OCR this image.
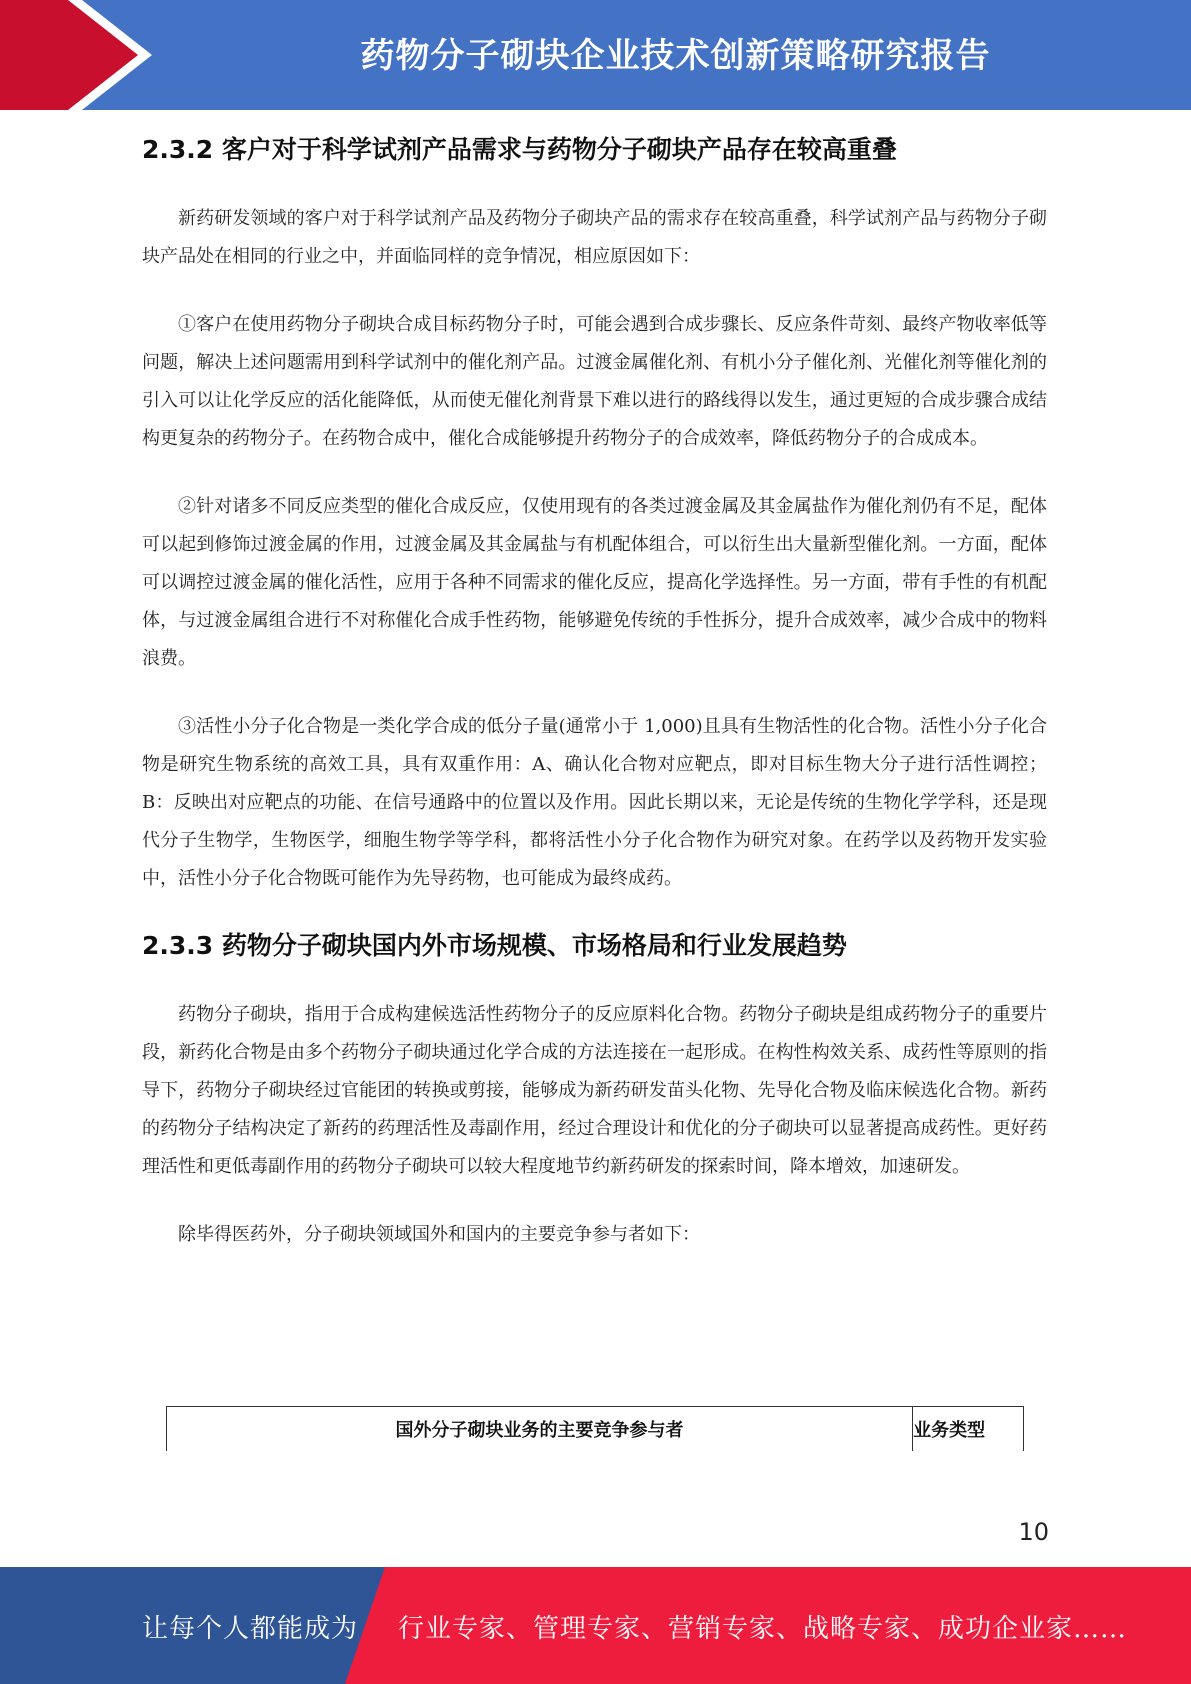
药物分子砌块企业技术创新策略研究报告
2.3.2 客户对于科学试剂产品需求与药物分子砌块产品存在较高重叠

新药研发领域的客户对于科学试剂产品及药物分子砌块产品的需求存在较高重叠，科学试剂产品与药物分子砌块产品处在相同的行业之中，并面临同样的竞争情况，相应原因如下：

①客户在使用药物分子砌块合成目标药物分子时，可能会遇到合成步骤长、反应条件苛刻、最终产物收率低等问题，解决上述问题需用到科学试剂中的催化剂产品。过渡金属催化剂、有机小分子催化剂、光催化剂等催化剂的引入可以让化学反应的活化能降低，从而使无催化剂背景下难以进行的路线得以发生，通过更短的合成步骤合成结构更复杂的药物分子。在药物合成中，催化合成能够提升药物分子的合成效率，降低药物分子的合成成本。

②针对诸多不同反应类型的催化合成反应，仅使用现有的各类过渡金属及其金属盐作为催化剂仍有不足，配体可以起到修饰过渡金属的作用，过渡金属及其金属盐与有机配体组合，可以衍生出大量新型催化剂。一方面，配体可以调控过渡金属的催化活性，应用于各种不同需求的催化反应，提高化学选择性。另一方面，带有手性的有机配体，与过渡金属组合进行不对称催化合成手性药物，能够避免传统的手性拆分，提升合成效率，减少合成中的物料浪费。

③活性小分子化合物是一类化学合成的低分子量(通常小于 1,000)且具有生物活性的化合物。活性小分子化合物是研究生物系统的高效工具，具有双重作用：A、确认化合物对应靶点，即对目标生物大分子进行活性调控；B：反映出对应靶点的功能、在信号通路中的位置以及作用。因此长期以来，无论是传统的生物化学学科，还是现代分子生物学，生物医学，细胞生物学等学科，都将活性小分子化合物作为研究对象。在药学以及药物开发实验中，活性小分子化合物既可能作为先导药物，也可能成为最终成药。

2.3.3 药物分子砌块国内外市场规模、市场格局和行业发展趋势

药物分子砌块，指用于合成构建候选活性药物分子的反应原料化合物。药物分子砌块是组成药物分子的重要片段，新药化合物是由多个药物分子砌块通过化学合成的方法连接在一起形成。在构性构效关系、成药性等原则的指导下，药物分子砌块经过官能团的转换或剪接，能够成为新药研发苗头化物、先导化合物及临床候选化合物。新药的药物分子结构决定了新药的药理活性及毒副作用，经过合理设计和优化的分子砌块可以显著提高成药性。更好药理活性和更低毒副作用的药物分子砌块可以较大程度地节约新药研发的探索时间，降本增效，加速研发。

除毕得医药外，分子砌块领域国外和国内的主要竞争参与者如下：

国外分子砌块业务的主要竞争参与者	业务类型
10
让每个人都能成为 行业专家、管理专家、营销专家、战略专家、成功企业家……
